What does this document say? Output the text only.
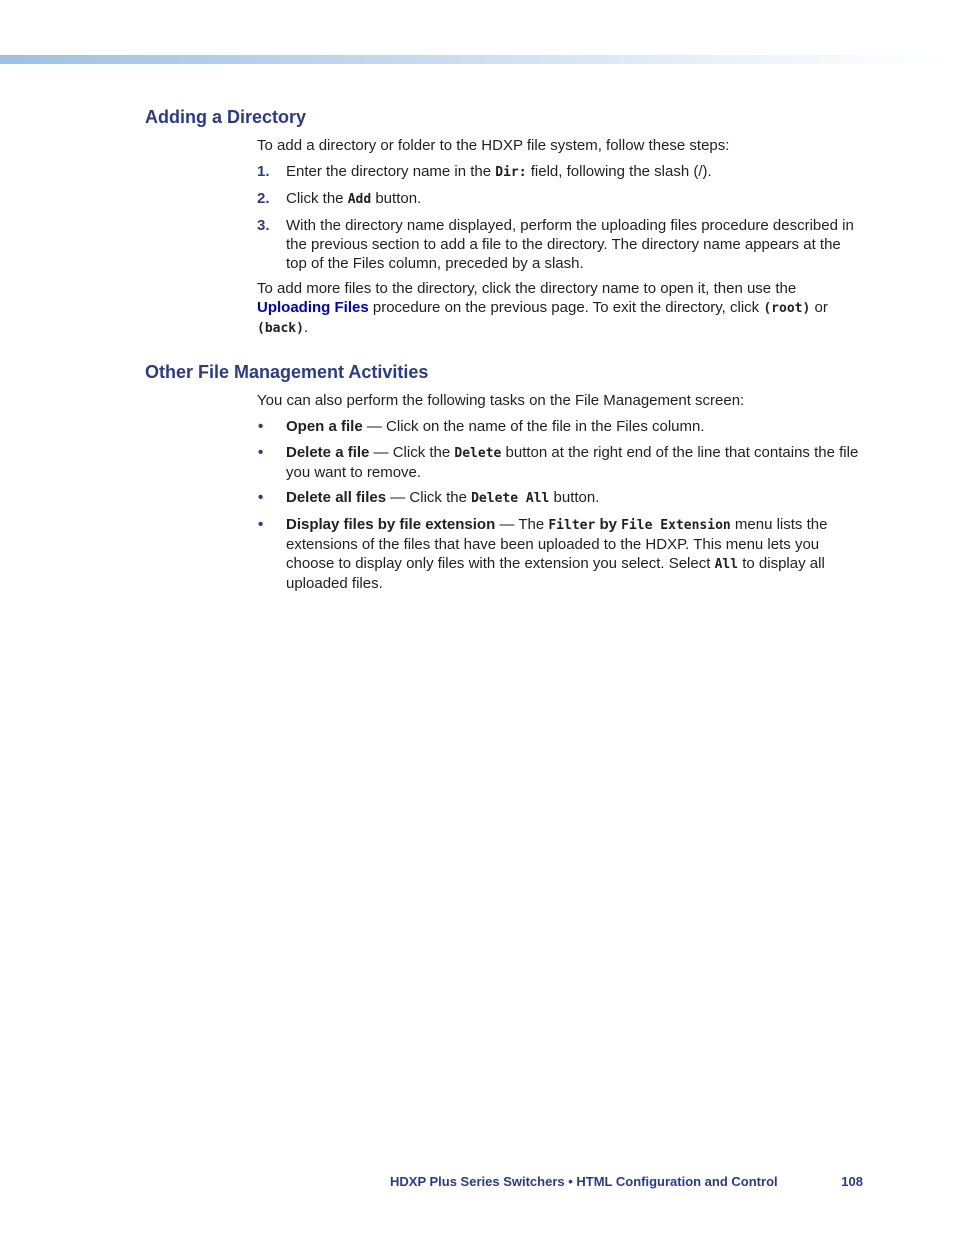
Adding a Directory

To add a directory or folder to the HDXP file system, follow these steps:

1. Enter the directory name in the Dir: field, following the slash (/).
2. Click the Add button.
3. With the directory name displayed, perform the uploading files procedure described in the previous section to add a file to the directory. The directory name appears at the top of the Files column, preceded by a slash.

To add more files to the directory, click the directory name to open it, then use the Uploading Files procedure on the previous page. To exit the directory, click (root) or (back).

Other File Management Activities

You can also perform the following tasks on the File Management screen:

• Open a file — Click on the name of the file in the Files column.
• Delete a file — Click the Delete button at the right end of the line that contains the file you want to remove.
• Delete all files — Click the Delete All button.
• Display files by file extension — The Filter by File Extension menu lists the extensions of the files that have been uploaded to the HDXP. This menu lets you choose to display only files with the extension you select. Select All to display all uploaded files.
HDXP Plus Series Switchers • HTML Configuration and Control	108
